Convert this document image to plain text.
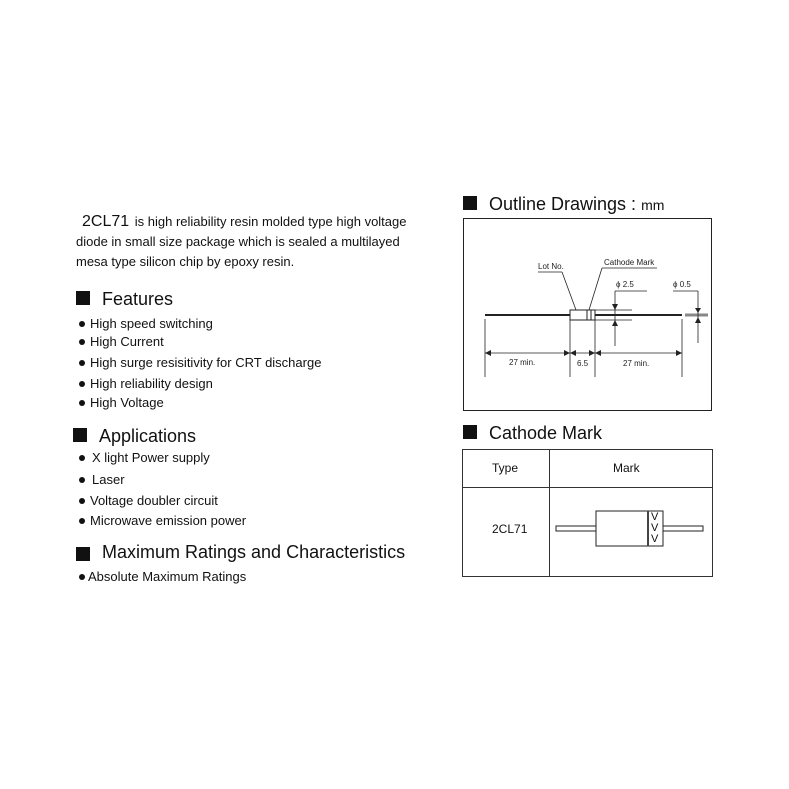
2CL71 is high reliability resin molded type high voltage
diode in small size package which is sealed a multilayed
mesa type silicon chip by epoxy resin.
Features
High speed switching
High Current
High surge resisitivity for CRT discharge
High reliability design
High Voltage
Applications
X light Power supply
Laser
Voltage doubler circuit
Microwave emission power
Maximum Ratings and Characteristics
Absolute Maximum Ratings
Outline Drawings : mm
Lot No.	Cathode Mark
ϕ 2.5	ϕ 0.5
27 min.	6.5	27 min.
Cathode Mark
Type	Mark
2CL71
V
V
V
